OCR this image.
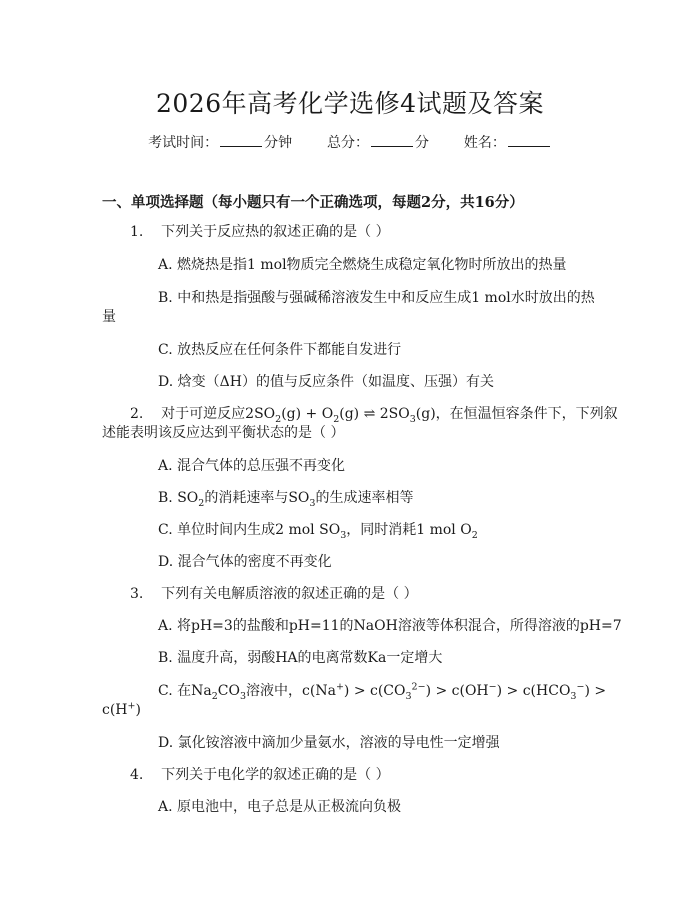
2026年高考化学选修4试题及答案
考试时间：	分钟 总分：	分 姓名：
一、单项选择题（每小题只有一个正确选项，每题2分，共16分）
1. 下列关于反应热的叙述正确的是（ ）
A. 燃烧热是指1 mol物质完全燃烧生成稳定氧化物时所放出的热量
B. 中和热是指强酸与强碱稀溶液发生中和反应生成1 mol水时放出的热
量
C. 放热反应在任何条件下都能自发进行
D. 焓变（ΔH）的值与反应条件（如温度、压强）有关
2. 对于可逆反应$2SO_2(g) + O_2(g)$ ⇌ $2SO_3(g)$，在恒温恒容条件下，下列叙
述能表明该反应达到平衡状态的是（ ）
A. 混合气体的总压强不再变化
B. $SO_2$的消耗速率与$SO_3$的生成速率相等
C. 单位时间内生成2 mol $SO_3$，同时消耗1 mol $O_2$
D. 混合气体的密度不再变化
3. 下列有关电解质溶液的叙述正确的是（ ）
A. 将pH=3的盐酸和pH=11的NaOH溶液等体积混合，所得溶液的pH=7
B. 温度升高，弱酸HA的电离常数Ka一定增大
C. 在$Na_2CO_3$溶液中，$c(Na^+) > c(CO_3^{2-}) > c(OH^-) > c(HCO_3^-)$ >
c(H+)
D. 氯化铵溶液中滴加少量氨水，溶液的导电性一定增强
4. 下列关于电化学的叙述正确的是（ ）
A. 原电池中，电子总是从正极流向负极
